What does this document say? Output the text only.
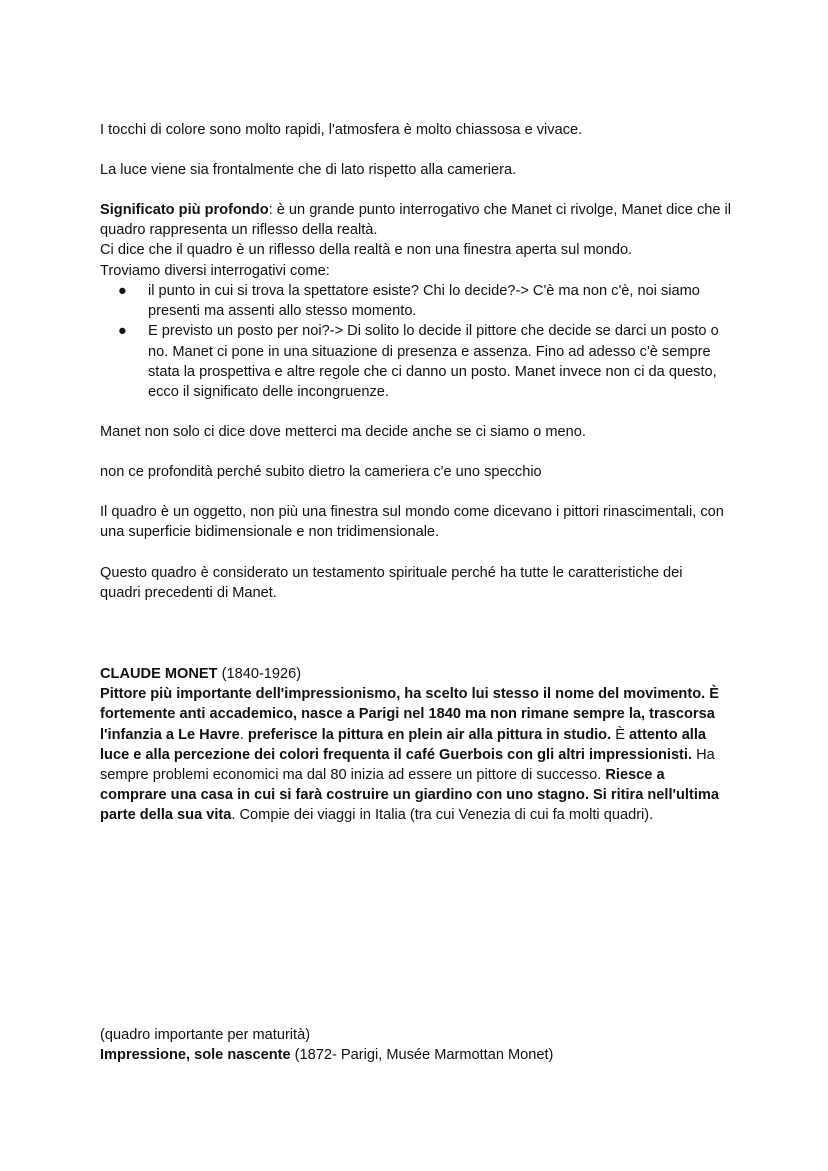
I tocchi di colore sono molto rapidi, l'atmosfera è molto chiassosa e vivace.

La luce viene sia frontalmente che di lato rispetto alla cameriera.

Significato più profondo: è un grande punto interrogativo che Manet ci rivolge, Manet dice che il quadro rappresenta un riflesso della realtà.
Ci dice che il quadro è un riflesso della realtà e non una finestra aperta sul mondo.
Troviamo diversi interrogativi come:
● il punto in cui si trova la spettatore esiste? Chi lo decide?-> C'è ma non c'è, noi siamo presenti ma assenti allo stesso momento.
● E previsto un posto per noi?-> Di solito lo decide il pittore che decide se darci un posto o no. Manet ci pone in una situazione di presenza e assenza. Fino ad adesso c'è sempre stata la prospettiva e altre regole che ci danno un posto. Manet invece non ci da questo, ecco il significato delle incongruenze.

Manet non solo ci dice dove metterci ma decide anche se ci siamo o meno.

non ce profondità perché subito dietro la cameriera c'e uno specchio

Il quadro è un oggetto, non più una finestra sul mondo come dicevano i pittori rinascimentali, con una superficie bidimensionale e non tridimensionale.

Questo quadro è considerato un testamento spirituale perché ha tutte le caratteristiche dei quadri precedenti di Manet.

CLAUDE MONET (1840-1926)
Pittore più importante dell'impressionismo, ha scelto lui stesso il nome del movimento. È fortemente anti accademico, nasce a Parigi nel 1840 ma non rimane sempre la, trascorsa l'infanzia a Le Havre. preferisce la pittura en plein air alla pittura in studio. È attento alla luce e alla percezione dei colori frequenta il café Guerbois con gli altri impressionisti. Ha sempre problemi economici ma dal 80 inizia ad essere un pittore di successo. Riesce a comprare una casa in cui si farà costruire un giardino con uno stagno. Si ritira nell'ultima parte della sua vita. Compie dei viaggi in Italia (tra cui Venezia di cui fa molti quadri).
(quadro importante per maturità)
Impressione, sole nascente (1872- Parigi, Musée Marmottan Monet)
